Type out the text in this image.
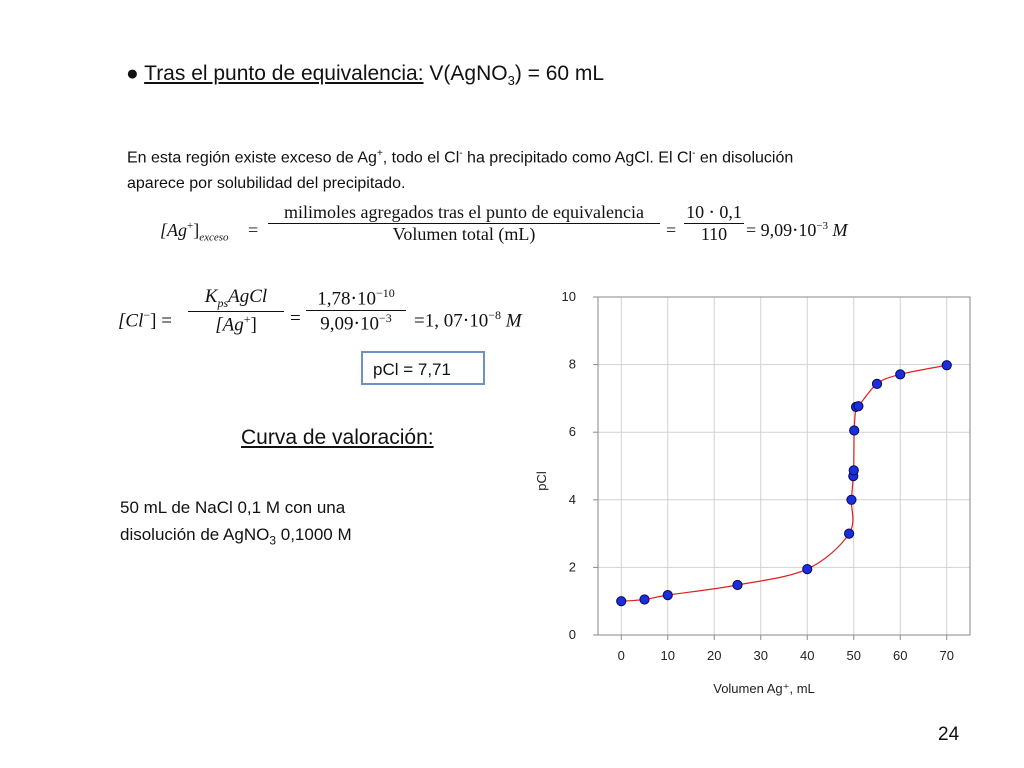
● Tras el punto de equivalencia: V(AgNO$_3$) = 60 mL
En esta región existe exceso de Ag+, todo el Cl- ha precipitado como AgCl. El Cl- en disolución
aparece por solubilidad del precipitado.
$[Ag^+]_{exceso}$ =
milimoles agregados tras el punto de equivalencia
Volumen total (mL)	=
10 ⋅ 0,1
110	= $9,09\cdot 10^{-3}$ M
[Cl−] =
$K_{ps}AgCl$
[Ag+]	=
$1,78\cdot 10^{-10}$
$9,09\cdot 10^{-3}$	=1, $07\cdot 10^{-8}$ M
pCl = 7,71
Curva de valoración:
50 mL de NaCl 0,1 M con una
disolución de AgNO$_3$ 0,1000 M
0	10 20 30 40 50 60 70
0
2
4
6
8
10
Volumen Ag⁺, mL
pCl
24
